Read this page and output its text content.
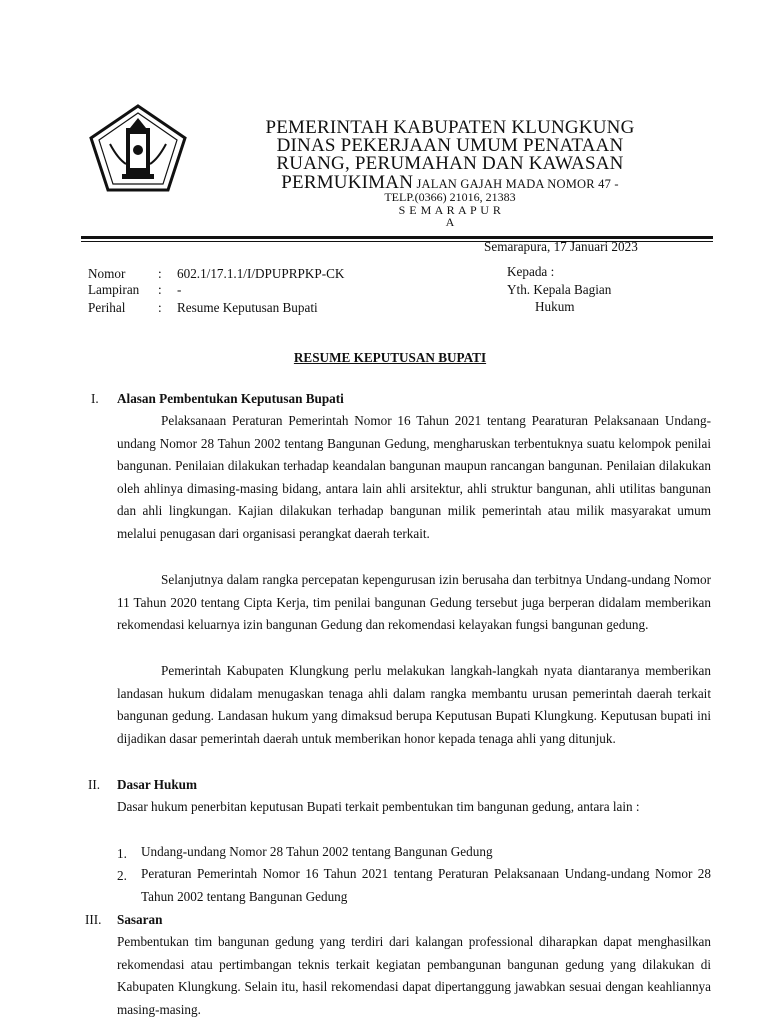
PEMERINTAH KABUPATEN KLUNGKUNG
DINAS PEKERJAAN UMUM PENATAAN
RUANG, PERUMAHAN DAN KAWASAN
PERMUKIMAN JALAN GAJAH MADA NOMOR 47 -
TELP.(0366) 21016, 21383
S E M A R A P U R
A
Semarapura, 17 Januari 2023
Nomor : 602.1/17.1.1/I/DPUPRPKP-CK
Lampiran : -
Perihal : Resume Keputusan Bupati
Kepada :
Yth. Kepala Bagian
Hukum
RESUME KEPUTUSAN BUPATI
I. Alasan Pembentukan Keputusan Bupati
Pelaksanaan Peraturan Pemerintah Nomor 16 Tahun 2021 tentang Pearaturan Pelaksanaan Undang-undang Nomor 28 Tahun 2002 tentang Bangunan Gedung, mengharuskan terbentuknya suatu kelompok penilai bangunan. Penilaian dilakukan terhadap keandalan bangunan maupun rancangan bangunan. Penilaian dilakukan oleh ahlinya dimasing-masing bidang, antara lain ahli arsitektur, ahli struktur bangunan, ahli utilitas bangunan dan ahli lingkungan. Kajian dilakukan terhadap bangunan milik pemerintah atau milik masyarakat umum melalui penugasan dari organisasi perangkat daerah terkait.
Selanjutnya dalam rangka percepatan kepengurusan izin berusaha dan terbitnya Undang-undang Nomor 11 Tahun 2020 tentang Cipta Kerja, tim penilai bangunan Gedung tersebut juga berperan didalam memberikan rekomendasi keluarnya izin bangunan Gedung dan rekomendasi kelayakan fungsi bangunan gedung.
Pemerintah Kabupaten Klungkung perlu melakukan langkah-langkah nyata diantaranya memberikan landasan hukum didalam menugaskan tenaga ahli dalam rangka membantu urusan pemerintah daerah terkait bangunan gedung. Landasan hukum yang dimaksud berupa Keputusan Bupati Klungkung. Keputusan bupati ini dijadikan dasar pemerintah daerah untuk memberikan honor kepada tenaga ahli yang ditunjuk.
II. Dasar Hukum
Dasar hukum penerbitan keputusan Bupati terkait pembentukan tim bangunan gedung, antara lain :
1. Undang-undang Nomor 28 Tahun 2002 tentang Bangunan Gedung
2. Peraturan Pemerintah Nomor 16 Tahun 2021 tentang Peraturan Pelaksanaan Undang-undang Nomor 28 Tahun 2002 tentang Bangunan Gedung
III. Sasaran
Pembentukan tim bangunan gedung yang terdiri dari kalangan professional diharapkan dapat menghasilkan rekomendasi atau pertimbangan teknis terkait kegiatan pembangunan bangunan gedung yang dilakukan di Kabupaten Klungkung. Selain itu, hasil rekomendasi dapat dipertanggung jawabkan sesuai dengan keahliannya masing-masing.
